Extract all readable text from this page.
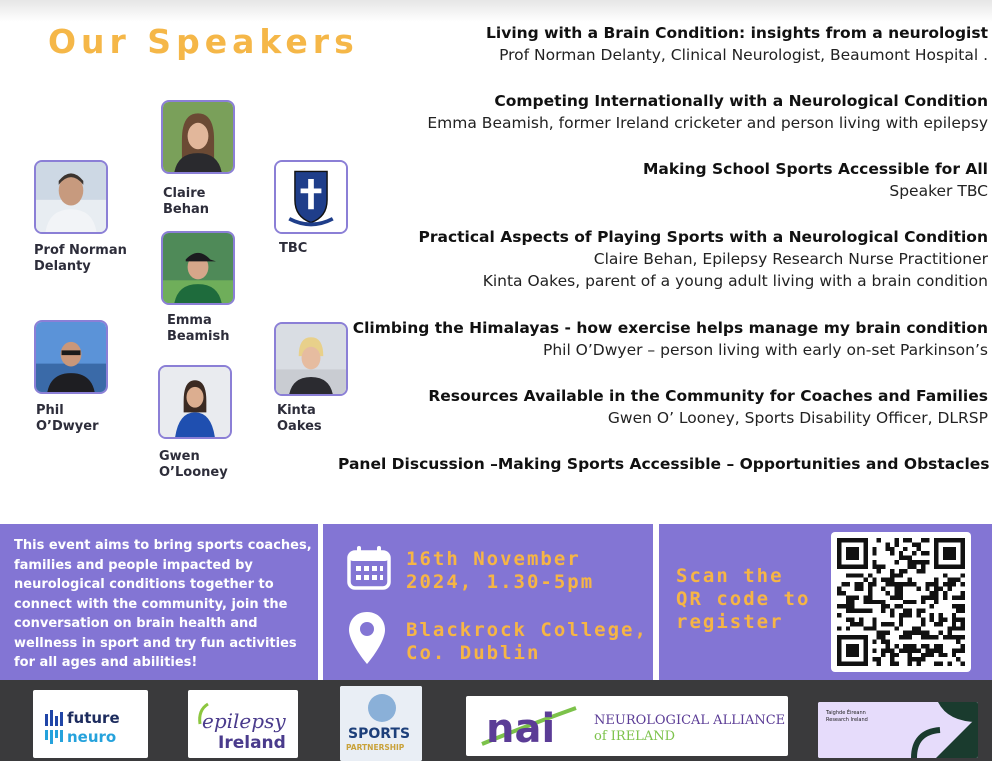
Our Speakers
Prof Norman
Delanty
Claire
Behan
TBC
Emma
Beamish
Phil
O’Dwyer
Kinta
Oakes
Gwen
O’Looney
Living with a Brain Condition: insights from a neurologist
Prof Norman Delanty, Clinical Neurologist, Beaumont Hospital .
Competing Internationally with a Neurological Condition
Emma Beamish, former Ireland cricketer and person living with epilepsy
Making School Sports Accessible for All
Speaker TBC
Practical Aspects of Playing Sports with a Neurological Condition
Claire Behan, Epilepsy Research Nurse Practitioner
Kinta Oakes, parent of a young adult living with a brain condition
Climbing the Himalayas - how exercise helps manage my brain condition
Phil O’Dwyer – person living with early on-set Parkinson’s
Resources Available in the Community for Coaches and Families
Gwen O’ Looney, Sports Disability Officer, DLRSP
Panel Discussion –Making Sports Accessible – Opportunities and Obstacles
This event aims to bring sports coaches, families and people impacted by neurological conditions together to connect with the community, join the conversation on brain health and wellness in sport and try fun activities for all ages and abilities!
16th November
2024, 1.30-5pm
Blackrock College,
Co. Dublin
Scan the
QR code to
register
future
neuro
epilepsy
Ireland	SPORTS
PARTNERSHIP nai	NEUROLOGICAL ALLIANCE
of IRELAND
Taighde Éireann
Research Ireland
